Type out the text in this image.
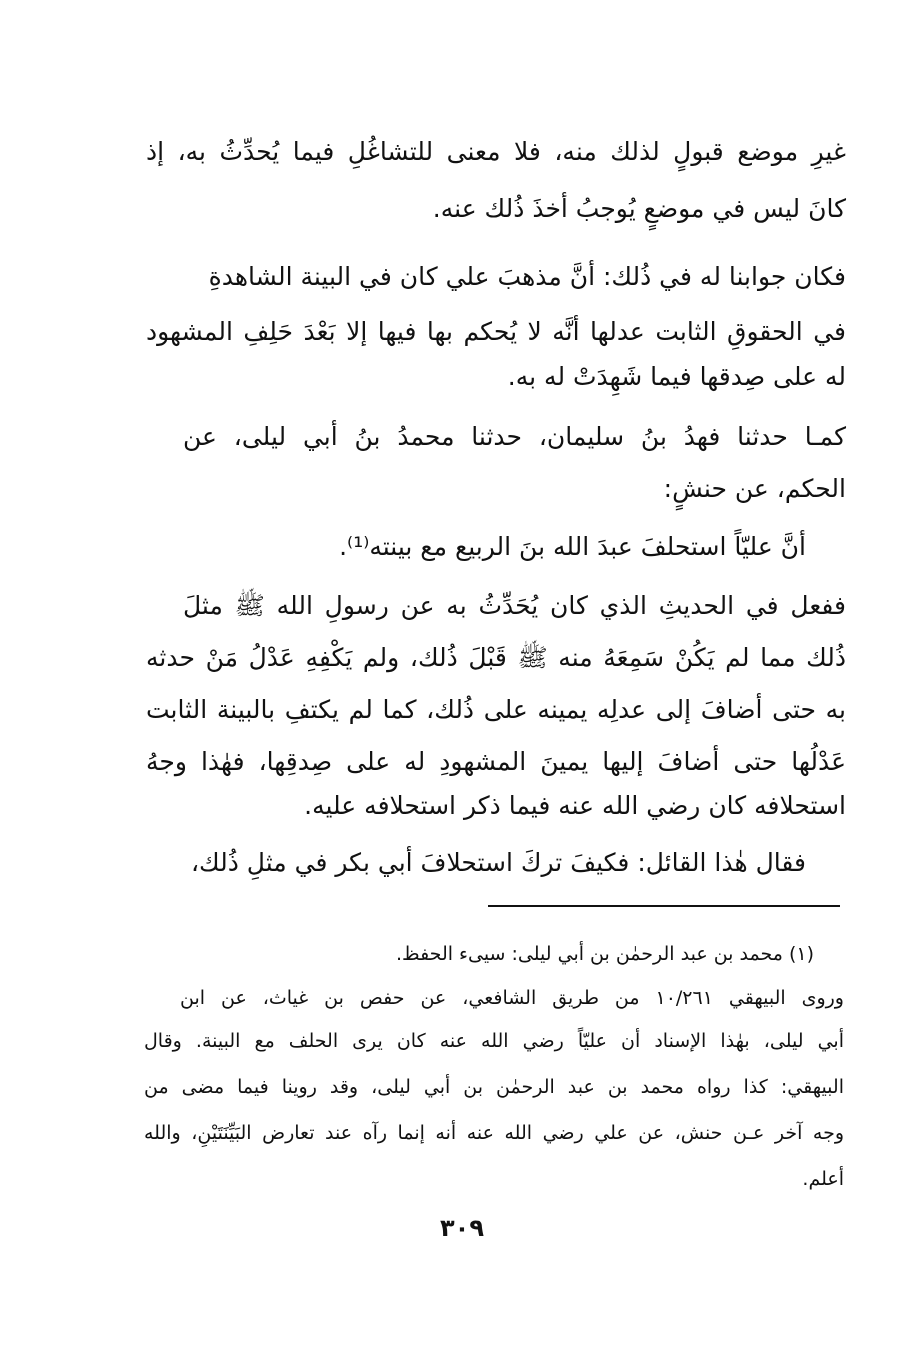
غيرِ موضع قبولٍ لذلك منه، فلا معنى للتشاغُلِ فيما يُحدِّثُ به، إذ
كانَ ليس في موضعٍ يُوجبُ أخذَ ذُلك عنه.
فكان جوابنا له في ذُلك: أنَّ مذهبَ علي كان في البينة الشاهدةِ
في الحقوقِ الثابت عدلها أنَّه لا يُحكم بها فيها إلا بَعْدَ حَلِفِ المشهود
له على صِدقها فيما شَهِدَتْ له به.
كمـا حدثنا فهدُ بنُ سليمان، حدثنا محمدُ بنُ أبي ليلى، عن
الحكم، عن حنشٍ:
أنَّ عليّاً استحلفَ عبدَ الله بنَ الربيع مع بينته⁽¹⁾.
ففعل في الحديثِ الذي كان يُحَدِّثُ به عن رسولِ الله ﷺ مثلَ
ذُلك مما لم يَكُنْ سَمِعَهُ منه ﷺ قَبْلَ ذُلك، ولم يَكْفِهِ عَدْلُ مَنْ حدثه
به حتى أضافَ إلى عدلِه يمينه على ذُلك، كما لم يكتفِ بالبينة الثابت
عَدْلُها حتى أضافَ إليها يمينَ المشهودِ له على صِدقِها، فهٰذا وجهُ
استحلافه كان رضي الله عنه فيما ذكر استحلافه عليه.
فقال هٰذا القائل: فكيفَ تركَ استحلافَ أبي بكر في مثلِ ذُلك،
(١) محمد بن عبد الرحمٰن بن أبي ليلى: سيىء الحفظ.
وروى البيهقي ١٠/٢٦١ من طريق الشافعي، عن حفص بن غياث، عن ابن
أبي ليلى، بهٰذا الإسناد أن عليّاً رضي الله عنه كان يرى الحلف مع البينة. وقال
البيهقي: كذا رواه محمد بن عبد الرحمٰن بن أبي ليلى، وقد روينا فيما مضى من
وجه آخر عـن حنش، عن علي رضي الله عنه أنه إنما رآه عند تعارض البَيِّنَتَيْنِ، والله
أعلم.
٣٠٩
